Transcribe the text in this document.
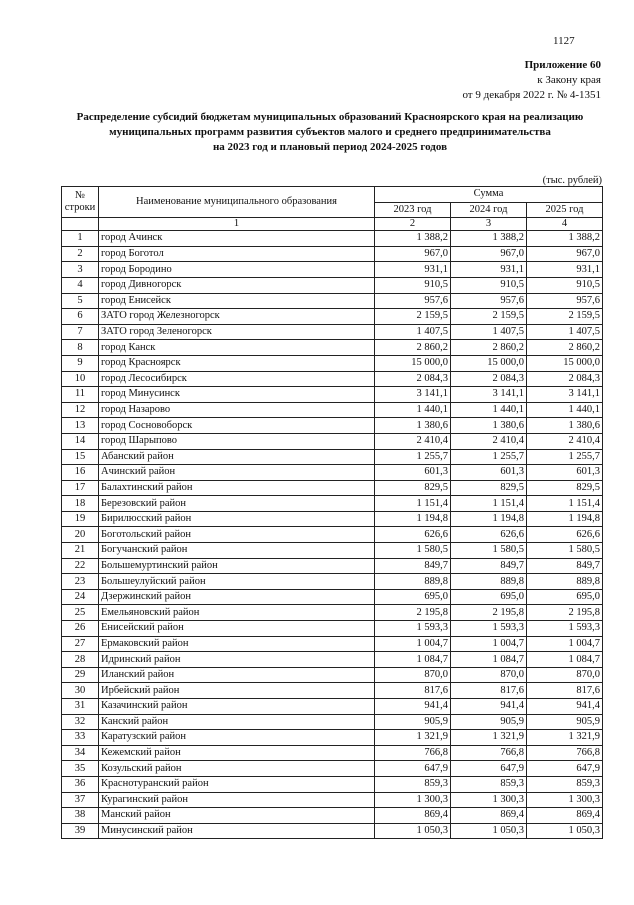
1127
Приложение 60
к Закону края
от 9 декабря 2022 г. № 4-1351
Распределение субсидий бюджетам муниципальных образований Красноярского края на реализацию
муниципальных программ развития субъектов малого и среднего предпринимательства
на 2023 год и плановый период 2024-2025 годов
(тыс. рублей)
№ строки	Наименование муниципального образования	Сумма		
		2023 год	2024 год	2025 год
	1	2	3	4
1	город Ачинск	1 388,2	1 388,2	1 388,2
2	город Боготол	967,0	967,0	967,0
3	город Бородино	931,1	931,1	931,1
4	город Дивногорск	910,5	910,5	910,5
5	город Енисейск	957,6	957,6	957,6
6	ЗАТО город Железногорск	2 159,5	2 159,5	2 159,5
7	ЗАТО город Зеленогорск	1 407,5	1 407,5	1 407,5
8	город Канск	2 860,2	2 860,2	2 860,2
9	город Красноярск	15 000,0	15 000,0	15 000,0
10	город Лесосибирск	2 084,3	2 084,3	2 084,3
11	город Минусинск	3 141,1	3 141,1	3 141,1
12	город Назарово	1 440,1	1 440,1	1 440,1
13	город Сосновоборск	1 380,6	1 380,6	1 380,6
14	город Шарыпово	2 410,4	2 410,4	2 410,4
15	Абанский район	1 255,7	1 255,7	1 255,7
16	Ачинский район	601,3	601,3	601,3
17	Балахтинский район	829,5	829,5	829,5
18	Березовский район	1 151,4	1 151,4	1 151,4
19	Бирилюсский район	1 194,8	1 194,8	1 194,8
20	Боготольский район	626,6	626,6	626,6
21	Богучанский район	1 580,5	1 580,5	1 580,5
22	Большемуртинский район	849,7	849,7	849,7
23	Большеулуйский район	889,8	889,8	889,8
24	Дзержинский район	695,0	695,0	695,0
25	Емельяновский район	2 195,8	2 195,8	2 195,8
26	Енисейский район	1 593,3	1 593,3	1 593,3
27	Ермаковский район	1 004,7	1 004,7	1 004,7
28	Идринский район	1 084,7	1 084,7	1 084,7
29	Иланский район	870,0	870,0	870,0
30	Ирбейский район	817,6	817,6	817,6
31	Казачинский район	941,4	941,4	941,4
32	Канский район	905,9	905,9	905,9
33	Каратузский район	1 321,9	1 321,9	1 321,9
34	Кежемский район	766,8	766,8	766,8
35	Козульский район	647,9	647,9	647,9
36	Краснотуранский район	859,3	859,3	859,3
37	Курагинский район	1 300,3	1 300,3	1 300,3
38	Манский район	869,4	869,4	869,4
39	Минусинский район	1 050,3	1 050,3	1 050,3
